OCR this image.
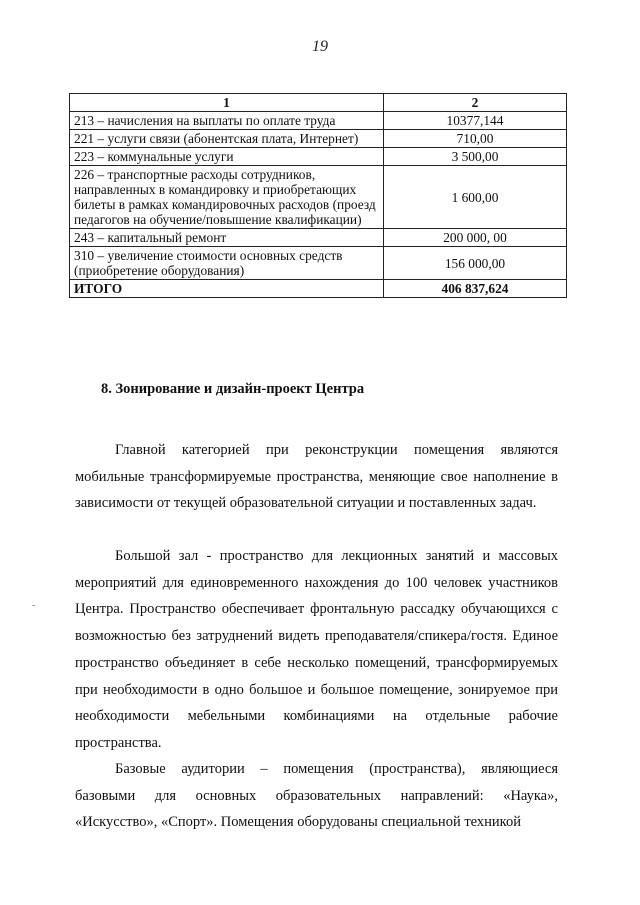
19
1	2
213 – начисления на выплаты по оплате труда	10377,144
221 – услуги связи (абонентская плата, Интернет)	710,00
223 – коммунальные услуги	3 500,00
226 – транспортные расходы сотрудников, направленных в командировку и приобретающих билеты в рамках командировочных расходов (проезд педагогов на обучение/повышение квалификации)	1 600,00
243 – капитальный ремонт	200 000, 00
310 – увеличение стоимости основных средств (приобретение оборудования)	156 000,00
ИТОГО	406 837,624
8. Зонирование и дизайн-проект Центра

Главной категорией при реконструкции помещения являются мобильные трансформируемые пространства, меняющие свое наполнение в зависимости от текущей образовательной ситуации и поставленных задач.

Большой зал - пространство для лекционных занятий и массовых мероприятий для единовременного нахождения до 100 человек участников Центра. Пространство обеспечивает фронтальную рассадку обучающихся с возможностью без затруднений видеть преподавателя/спикера/гостя. Единое пространство объединяет в себе несколько помещений, трансформируемых при необходимости в одно большое и большое помещение, зонируемое при необходимости мебельными комбинациями на отдельные рабочие пространства.

Базовые аудитории – помещения (пространства), являющиеся базовыми для основных образовательных направлений: «Наука», «Искусство», «Спорт». Помещения оборудованы специальной техникой

-
